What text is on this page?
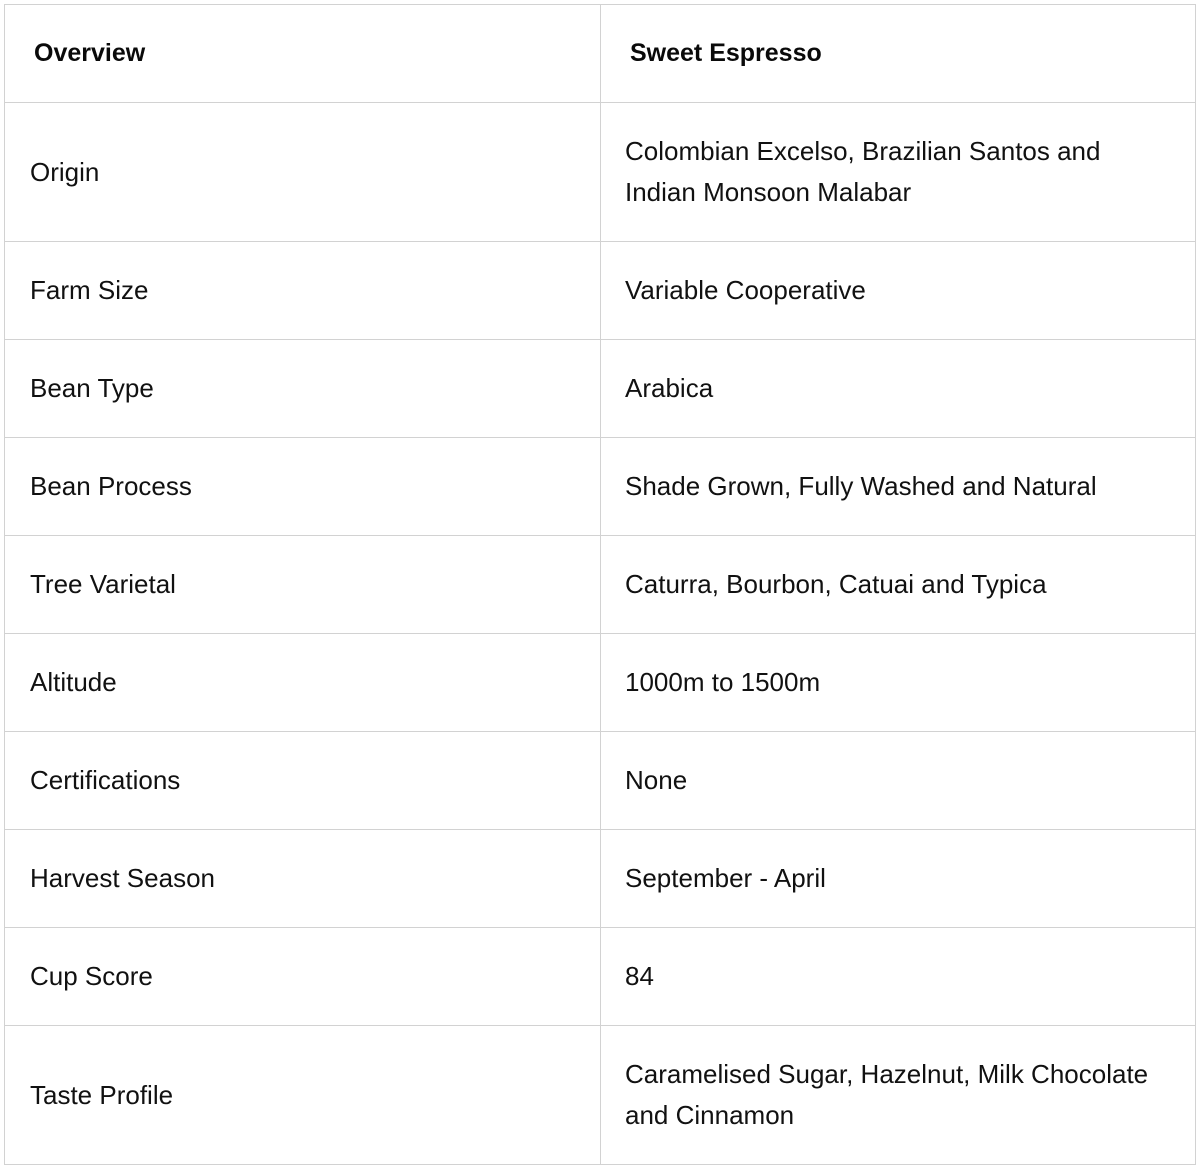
Overview	Sweet Espresso
Origin	Colombian Excelso, Brazilian Santos and Indian Monsoon Malabar
Farm Size	Variable Cooperative
Bean Type	Arabica
Bean Process	Shade Grown, Fully Washed and Natural
Tree Varietal	Caturra, Bourbon, Catuai and Typica
Altitude	1000m to 1500m
Certifications	None
Harvest Season	September - April
Cup Score	84
Taste Profile	Caramelised Sugar, Hazelnut, Milk Chocolate and Cinnamon
